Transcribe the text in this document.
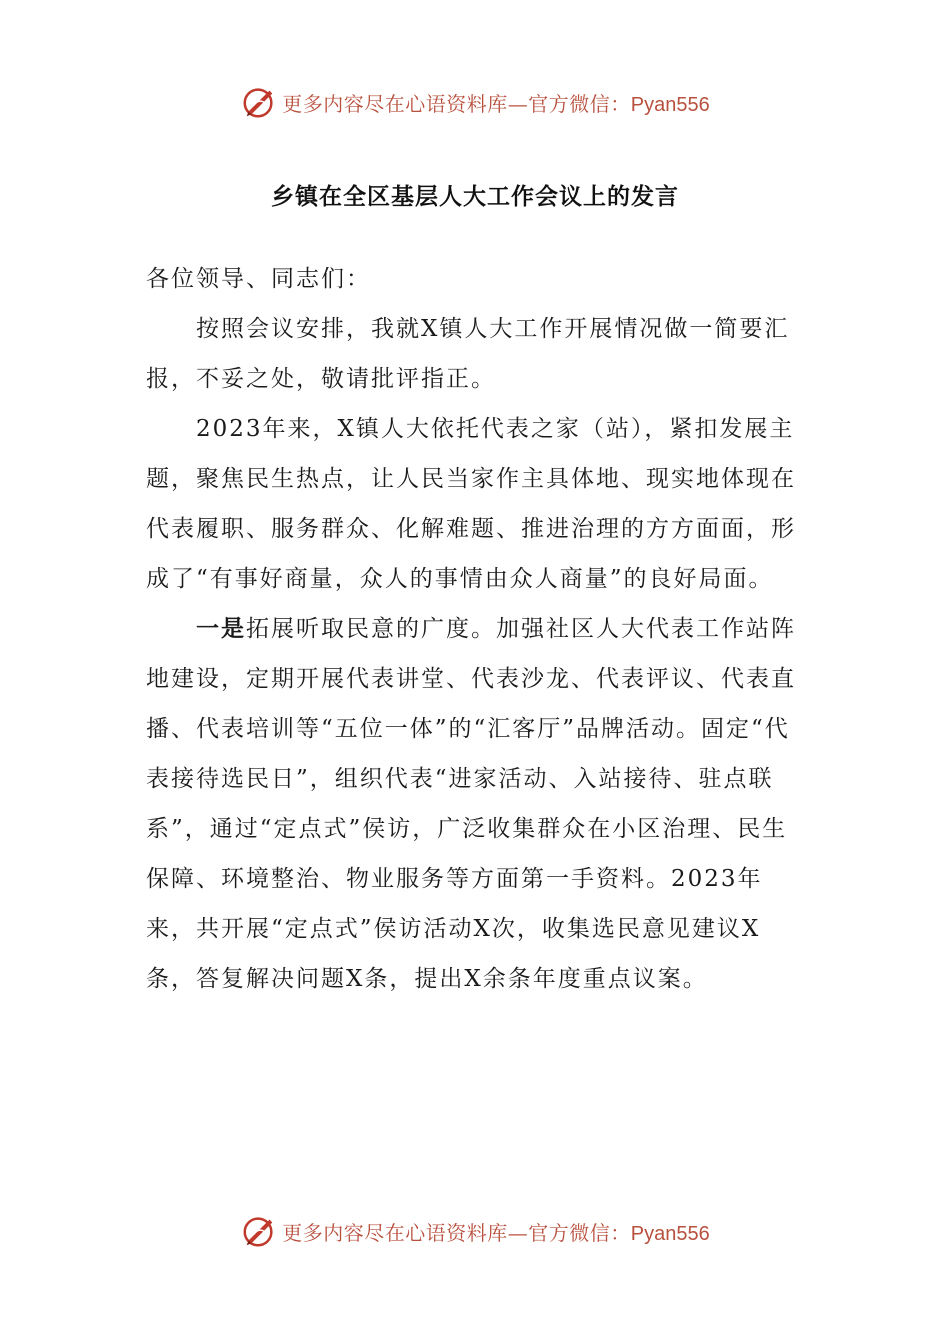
更多内容尽在心语资料库—官方微信：Pyan556
乡镇在全区基层人大工作会议上的发言

各位领导、同志们：

按照会议安排，我就X镇人大工作开展情况做一简要汇报，不妥之处，敬请批评指正。

2023年来，X镇人大依托代表之家（站），紧扣发展主题，聚焦民生热点，让人民当家作主具体地、现实地体现在代表履职、服务群众、化解难题、推进治理的方方面面，形成了“有事好商量，众人的事情由众人商量”的良好局面。

一是拓展听取民意的广度。加强社区人大代表工作站阵地建设，定期开展代表讲堂、代表沙龙、代表评议、代表直播、代表培训等“五位一体”的“汇客厅”品牌活动。固定“代表接待选民日”，组织代表“进家活动、入站接待、驻点联系”，通过“定点式”侯访，广泛收集群众在小区治理、民生保障、环境整治、物业服务等方面第一手资料。2023年来，共开展“定点式”侯访活动X次，收集选民意见建议X条，答复解决问题X条，提出X余条年度重点议案。

更多内容尽在心语资料库—官方微信：Pyan556
